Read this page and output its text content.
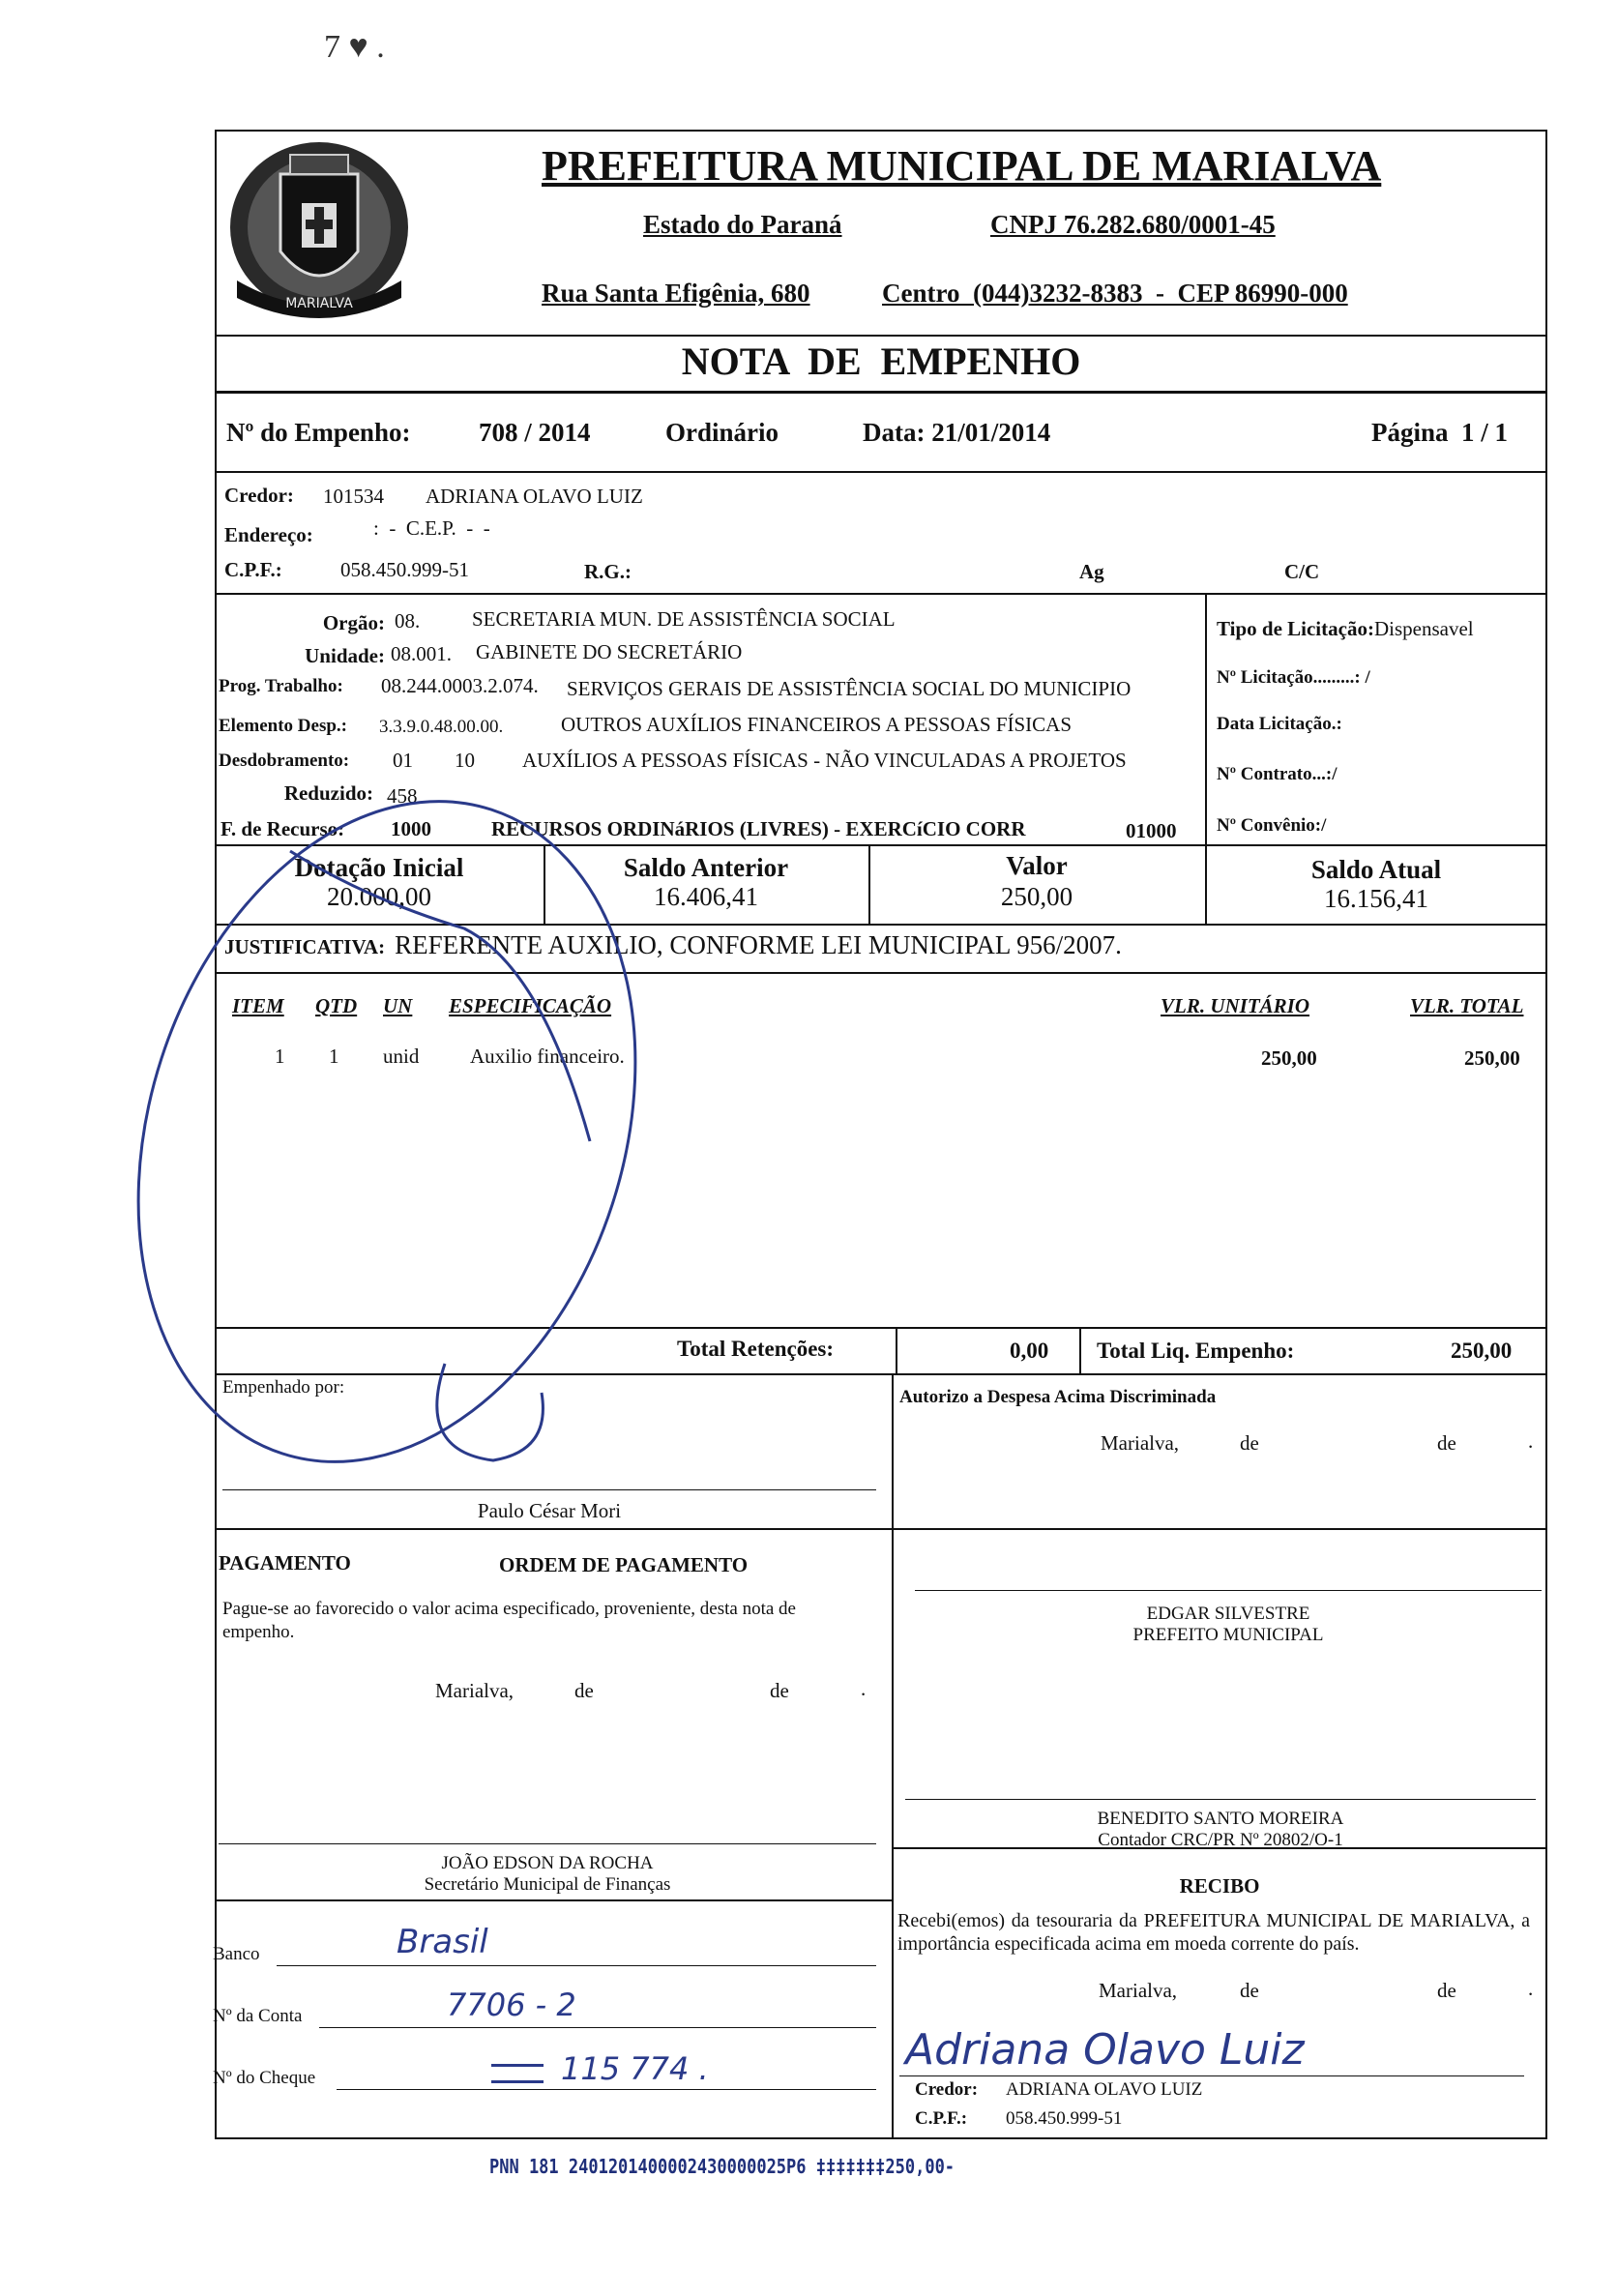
7 ♥ .
MARIALVA
PREFEITURA MUNICIPAL DE MARIALVA
Estado do Paraná	CNPJ 76.282.680/0001-45
Rua Santa Efigênia, 680	Centro  (044)3232-8383  -  CEP 86990-000
NOTA  DE  EMPENHO
Nº do Empenho:	708 / 2014	Ordinário	Data: 21/01/2014	Página  1 / 1
Credor: 101534 ADRIANA OLAVO LUIZ
Endereço:	:  -  C.E.P.  -  -
C.P.F.:	058.450.999-51	R.G.:	Ag	C/C
Orgão: 08.	SECRETARIA MUN. DE ASSISTÊNCIA SOCIAL
Unidade: 08.001. GABINETE DO SECRETÁRIO
Prog. Trabalho: 08.244.0003.2.074. SERVIÇOS GERAIS DE ASSISTÊNCIA SOCIAL DO MUNICIPIO
Elemento Desp.: 3.3.9.0.48.00.00.	OUTROS AUXÍLIOS FINANCEIROS A PESSOAS FÍSICAS
Desdobramento: 01 10 AUXÍLIOS A PESSOAS FÍSICAS - NÃO VINCULADAS A PROJETOS
Reduzido: 458
F. de Recurso: 1000	RECURSOS ORDINáRIOS (LIVRES) - EXERCíCIO CORR	01000
Tipo de Licitação:Dispensavel
Nº Licitação.........: /
Data Licitação.:
Nº Contrato...:/
Nº Convênio:/
Dotação Inicial
20.000,00
Saldo Anterior
16.406,41
Valor
250,00
Saldo Atual
16.156,41
JUSTIFICATIVA: REFERENTE AUXILIO, CONFORME LEI MUNICIPAL 956/2007.
ITEM QTD UN ESPECIFICAÇÃO	VLR. UNITÁRIO	VLR. TOTAL
1 1 unid	Auxilio financeiro.	250,00	250,00
Total Retenções:	0,00 Total Liq. Empenho:	250,00
Empenhado por:
Paulo César Mori
Autorizo a Despesa Acima Discriminada
Marialva,	de	de	.
PAGAMENTO	ORDEM DE PAGAMENTO
Pague-se ao favorecido o valor acima especificado, proveniente, desta nota de empenho.
Marialva,	de	de	.
EDGAR SILVESTRE
PREFEITO MUNICIPAL
BENEDITO SANTO MOREIRA
Contador CRC/PR Nº 20802/O-1
JOÃO EDSON DA ROCHA
Secretário Municipal de Finanças
Banco	Brasil
Nº da Conta	7706 - 2
Nº do Cheque	115 774 .
RECIBO
Recebi(emos) da tesouraria da PREFEITURA MUNICIPAL DE MARIALVA, a importância especificada acima em moeda corrente do país.
Marialva,	de	de	.
Adriana Olavo Luiz
Credor: ADRIANA OLAVO LUIZ
C.P.F.: 058.450.999-51
PNN 181 2401201400002430000025P6 ‡‡‡‡‡‡‡250,00-
